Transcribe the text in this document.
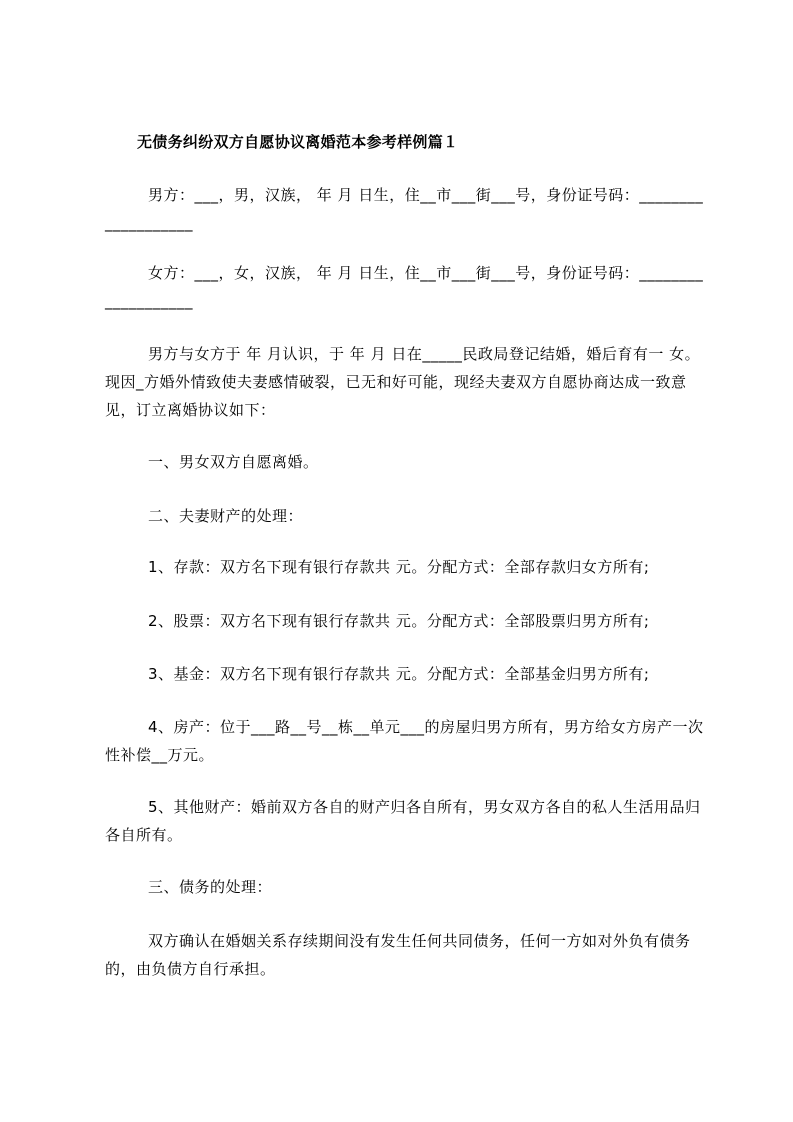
无债务纠纷双方自愿协议离婚范本参考样例篇１
男方：___，男，汉族， 年 月 日生，住__市___街___号，身份证号码：___________________
女方：___，女，汉族， 年 月 日生，住__市___街___号，身份证号码：___________________
男方与女方于 年 月认识，于 年 月 日在_____民政局登记结婚，婚后育有一 女。现因_方婚外情致使夫妻感情破裂，已无和好可能，现经夫妻双方自愿协商达成一致意见，订立离婚协议如下：
一、男女双方自愿离婚。
二、夫妻财产的处理：
1、存款：双方名下现有银行存款共 元。分配方式：全部存款归女方所有;
2、股票：双方名下现有银行存款共 元。分配方式：全部股票归男方所有;
3、基金：双方名下现有银行存款共 元。分配方式：全部基金归男方所有;
4、房产：位于___路__号__栋__单元___的房屋归男方所有，男方给女方房产一次性补偿__万元。
5、其他财产：婚前双方各自的财产归各自所有，男女双方各自的私人生活用品归各自所有。
三、债务的处理：
双方确认在婚姻关系存续期间没有发生任何共同债务，任何一方如对外负有债务的，由负债方自行承担。
